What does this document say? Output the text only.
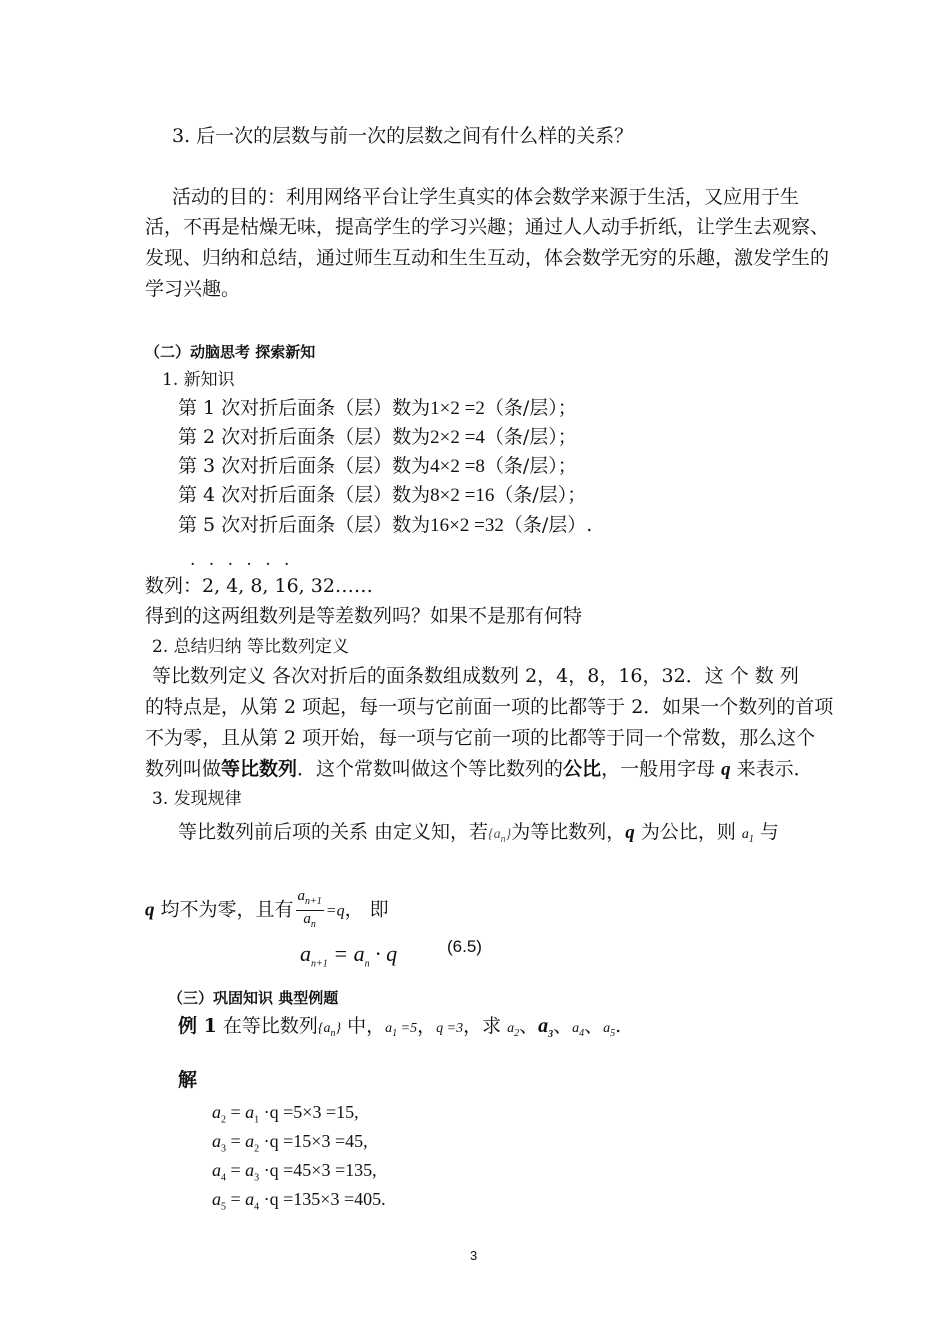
3. 后一次的层数与前一次的层数之间有什么样的关系？
活动的目的：利用网络平台让学生真实的体会数学来源于生活，又应用于生
活，不再是枯燥无味，提高学生的学习兴趣；通过人人动手折纸，让学生去观察、
发现、归纳和总结，通过师生互动和生生互动，体会数学无穷的乐趣，激发学生的
学习兴趣。
（二）动脑思考 探索新知
1. 新知识
第 1 次对折后面条（层）数为1×2 =2（条/层）；
第 2 次对折后面条（层）数为2×2 =4（条/层）；
第 3 次对折后面条（层）数为4×2 =8（条/层）；
第 4 次对折后面条（层）数为8×2 =16（条/层）；
第 5 次对折后面条（层）数为16×2 =32（条/层）.
. . . . . .
数列：2, 4, 8, 16, 32……
得到的这两组数列是等差数列吗？如果不是那有何特
2. 总结归纳 等比数列定义
等比数列定义 各次对折后的面条数组成数列 2，4，8，16，32．这 个 数 列
的特点是，从第 2 项起，每一项与它前面一项的比都等于 2．如果一个数列的首项
不为零，且从第 2 项开始，每一项与它前一项的比都等于同一个常数，那么这个
数列叫做等比数列．这个常数叫做这个等比数列的公比，一般用字母 q 来表示．
3. 发现规律
等比数列前后项的关系 由定义知，若$\{a_n\}$为等比数列，q 为公比，则 $a_1$ 与
q 均不为零，且有 $\frac{a_{n+1}}{a_n} =q$， 即
$a_{n+1} = a_n \cdot q$	(6.5)
（三）巩固知识 典型例题
例 1 在等比数列$\{a_n\}$ 中，$a_1 =5$，q =3，求 $a_2$、$a_3$、$a_4$、$a_5$.
解
$a_2 = a_1 \cdot q =5\times 3 =15$,
$a_3 = a_2 \cdot q =15\times 3 =45$,
$a_4 = a_3 \cdot q =45\times 3 =135$,
$a_5 = a_4 \cdot q =135\times 3 =405$.
3
